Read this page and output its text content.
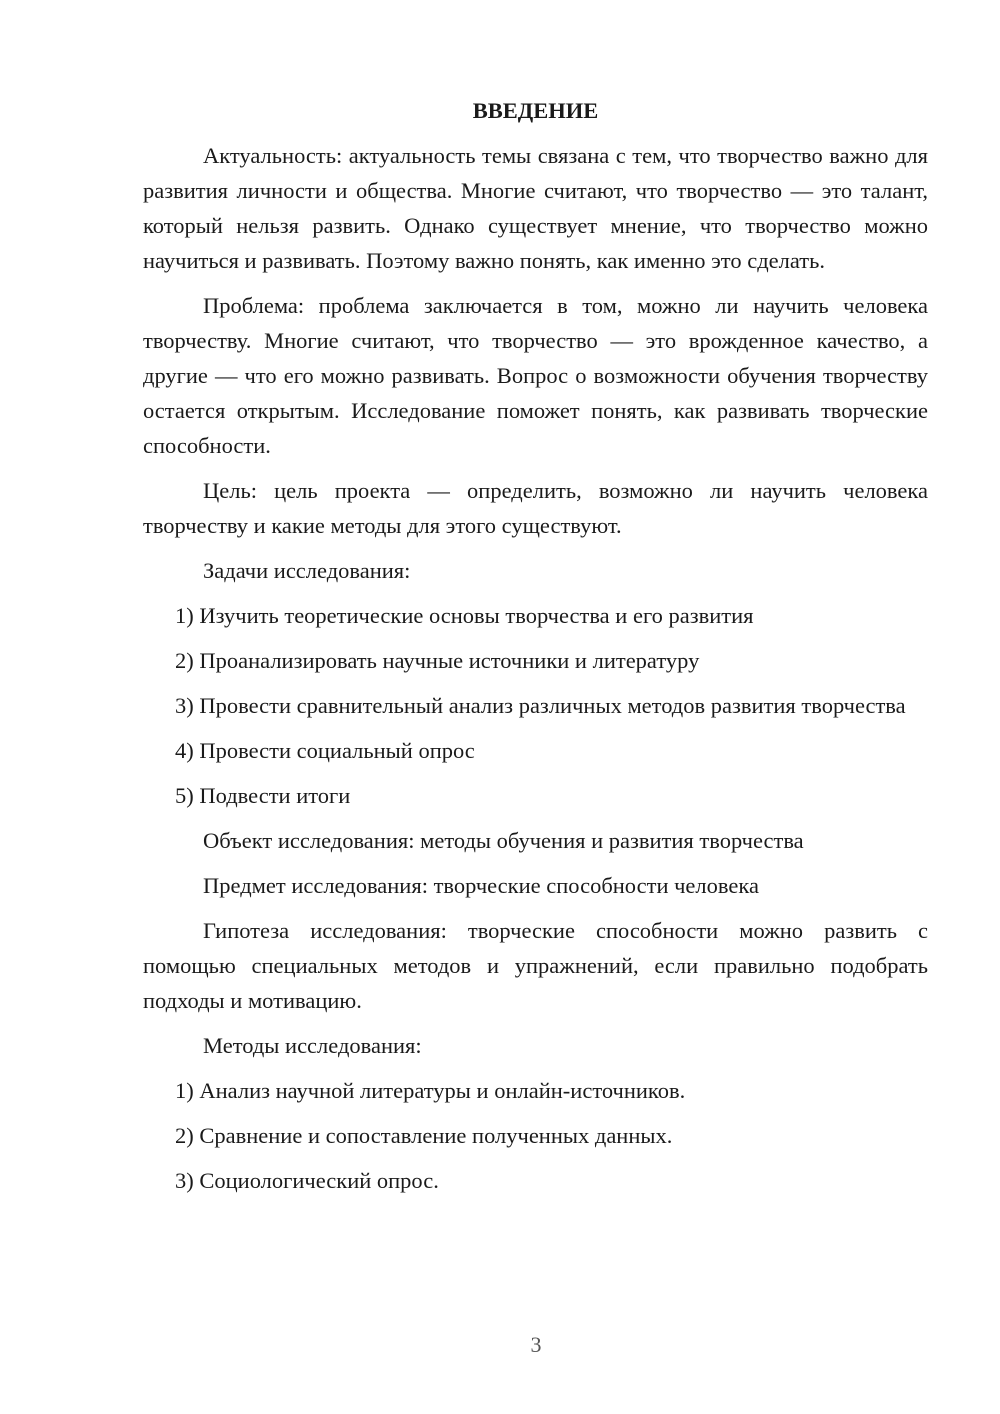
ВВЕДЕНИЕ

Актуальность: актуальность темы связана с тем, что творчество важно для развития личности и общества. Многие считают, что творчество — это талант, который нельзя развить. Однако существует мнение, что творчество можно научиться и развивать. Поэтому важно понять, как именно это сделать.

Проблема: проблема заключается в том, можно ли научить человека творчеству. Многие считают, что творчество — это врожденное качество, а другие — что его можно развивать. Вопрос о возможности обучения творчеству остается открытым. Исследование поможет понять, как развивать творческие способности.

Цель: цель проекта — определить, возможно ли научить человека творчеству и какие методы для этого существуют.

Задачи исследования:

1) Изучить теоретические основы творчества и его развития

2) Проанализировать научные источники и литературу

3) Провести сравнительный анализ различных методов развития творчества

4) Провести социальный опрос

5) Подвести итоги

Объект исследования: методы обучения и развития творчества

Предмет исследования: творческие способности человека

Гипотеза исследования: творческие способности можно развить с помощью специальных методов и упражнений, если правильно подобрать подходы и мотивацию.

Методы исследования:

1) Анализ научной литературы и онлайн-источников.

2) Сравнение и сопоставление полученных данных.

3) Социологический опрос.

3
